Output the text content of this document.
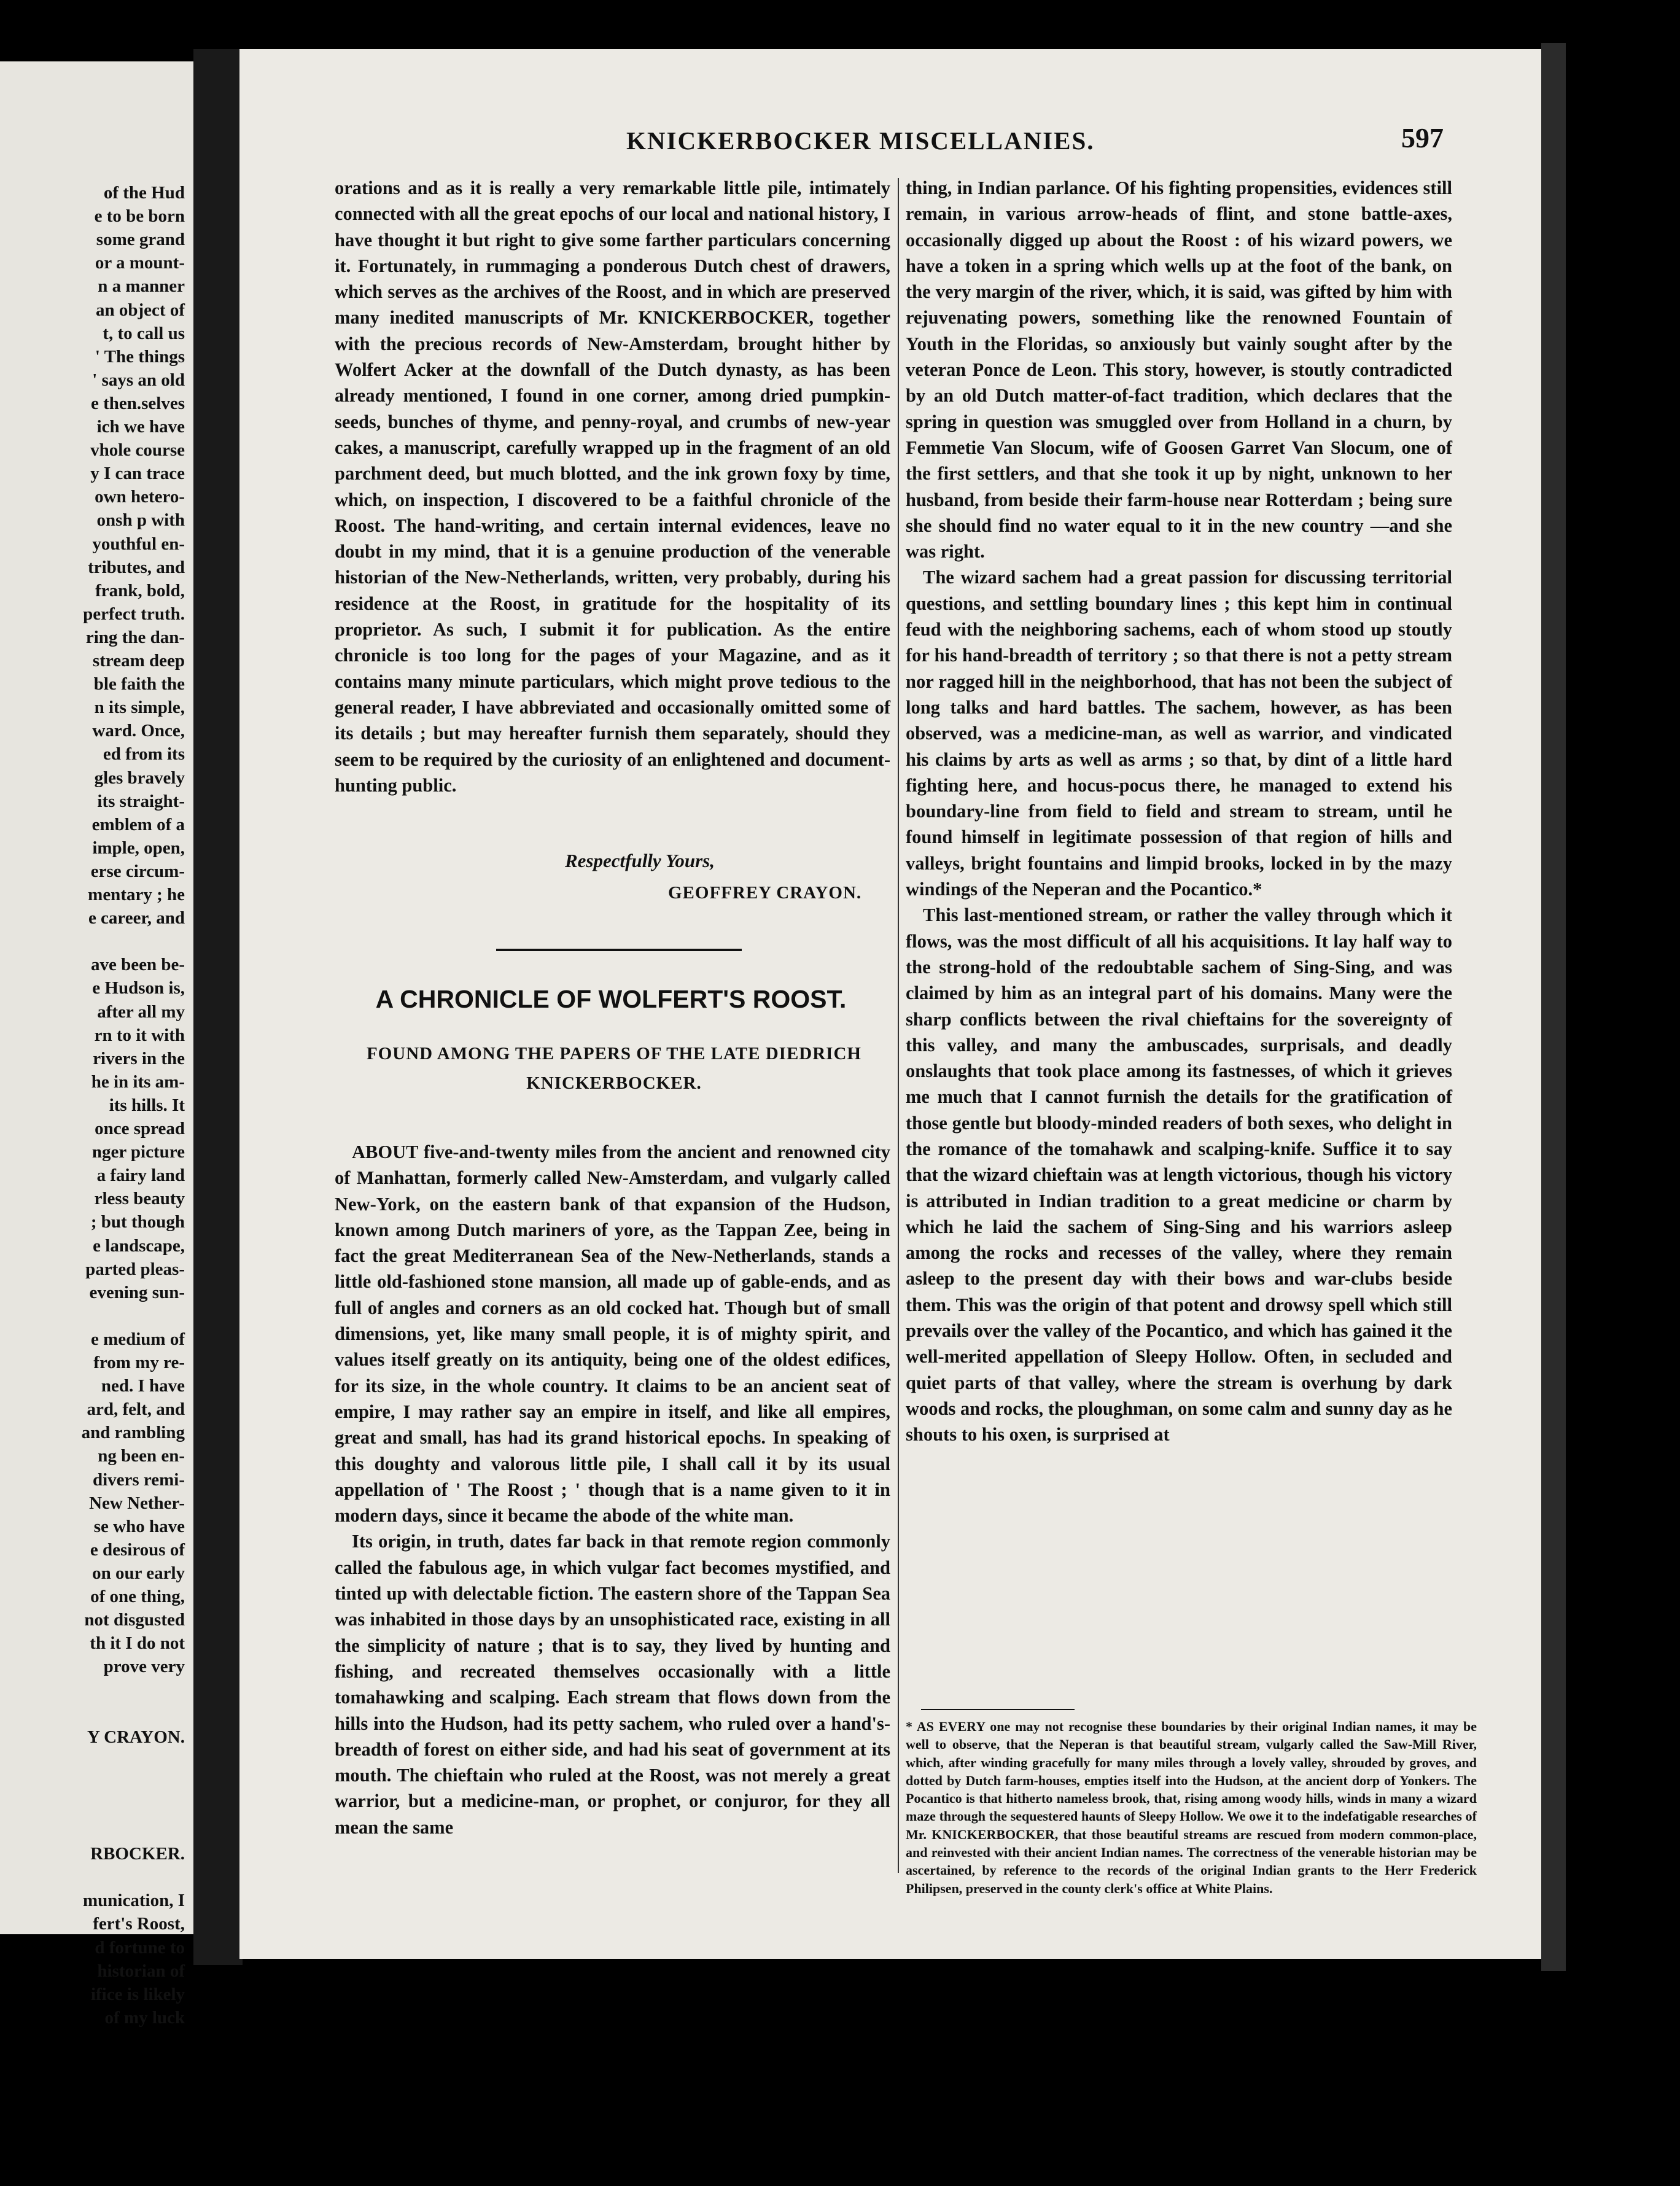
of the Hud
e to be born
some grand
or a mount-
n a manner
an object of
t, to call us
' The things
' says an old
e then.selves
ich we have
vhole course
y I can trace
own hetero-
onsh p with
youthful en-
tributes, and
frank, bold,
perfect truth.
ring the dan-
stream deep
ble faith the
n its simple,
ward. Once,
ed from its
gles bravely
its straight-
emblem of a
imple, open,
erse circum-
mentary ; he
e career, and
ave been be-
e Hudson is,
after all my
rn to it with
rivers in the
he in its am-
its hills. It
once spread
nger picture
a fairy land
rless beauty
; but though
e landscape,
parted pleas-
evening sun-
e medium of
from my re-
ned. I have
ard, felt, and
and rambling
ng been en-
divers remi-
New Nether-
se who have
e desirous of
on our early
of one thing,
not disgusted
th it I do not
prove very
Y CRAYON.
RBOCKER.
munication, I
fert's Roost,
d fortune to
historian of
ifice is likely
of my luck
KNICKERBOCKER MISCELLANIES.	597

orations and as it is really a very remarkable little pile, intimately connected with all the great epochs of our local and national history, I have thought it but right to give some farther particulars concerning it. Fortunately, in rummaging a ponderous Dutch chest of drawers, which serves as the archives of the Roost, and in which are preserved many inedited manuscripts of Mr. KNICKERBOCKER, together with the precious records of New-Amsterdam, brought hither by Wolfert Acker at the downfall of the Dutch dynasty, as has been already mentioned, I found in one corner, among dried pumpkin-seeds, bunches of thyme, and penny-royal, and crumbs of new-year cakes, a manuscript, carefully wrapped up in the fragment of an old parchment deed, but much blotted, and the ink grown foxy by time, which, on inspection, I discovered to be a faithful chronicle of the Roost. The hand-writing, and certain internal evidences, leave no doubt in my mind, that it is a genuine production of the venerable historian of the New-Netherlands, written, very probably, during his residence at the Roost, in gratitude for the hospitality of its proprietor. As such, I submit it for publication. As the entire chronicle is too long for the pages of your Magazine, and as it contains many minute particulars, which might prove tedious to the general reader, I have abbreviated and occasionally omitted some of its details ; but may hereafter furnish them separately, should they seem to be required by the curiosity of an enlightened and document-hunting public.

Respectfully Yours,
GEOFFREY CRAYON.
A CHRONICLE OF WOLFERT'S ROOST.
FOUND AMONG THE PAPERS OF THE LATE DIEDRICH KNICKERBOCKER.

ABOUT five-and-twenty miles from the ancient and renowned city of Manhattan, formerly called New-Amsterdam, and vulgarly called New-York, on the eastern bank of that expansion of the Hudson, known among Dutch mariners of yore, as the Tappan Zee, being in fact the great Mediterranean Sea of the New-Netherlands, stands a little old-fashioned stone mansion, all made up of gable-ends, and as full of angles and corners as an old cocked hat. Though but of small dimensions, yet, like many small people, it is of mighty spirit, and values itself greatly on its antiquity, being one of the oldest edifices, for its size, in the whole country. It claims to be an ancient seat of empire, I may rather say an empire in itself, and like all empires, great and small, has had its grand historical epochs. In speaking of this doughty and valorous little pile, I shall call it by its usual appellation of ' The Roost ; ' though that is a name given to it in modern days, since it became the abode of the white man.

Its origin, in truth, dates far back in that remote region commonly called the fabulous age, in which vulgar fact becomes mystified, and tinted up with delectable fiction. The eastern shore of the Tappan Sea was inhabited in those days by an unsophisticated race, existing in all the simplicity of nature ; that is to say, they lived by hunting and fishing, and recreated themselves occasionally with a little tomahawking and scalping. Each stream that flows down from the hills into the Hudson, had its petty sachem, who ruled over a hand's-breadth of forest on either side, and had his seat of government at its mouth. The chieftain who ruled at the Roost, was not merely a great warrior, but a medicine-man, or prophet, or conjuror, for they all mean the same

thing, in Indian parlance. Of his fighting propensities, evidences still remain, in various arrow-heads of flint, and stone battle-axes, occasionally digged up about the Roost : of his wizard powers, we have a token in a spring which wells up at the foot of the bank, on the very margin of the river, which, it is said, was gifted by him with rejuvenating powers, something like the renowned Fountain of Youth in the Floridas, so anxiously but vainly sought after by the veteran Ponce de Leon. This story, however, is stoutly contradicted by an old Dutch matter-of-fact tradition, which declares that the spring in question was smuggled over from Holland in a churn, by Femmetie Van Slocum, wife of Goosen Garret Van Slocum, one of the first settlers, and that she took it up by night, unknown to her husband, from beside their farm-house near Rotterdam ; being sure she should find no water equal to it in the new country —and she was right.

The wizard sachem had a great passion for discussing territorial questions, and settling boundary lines ; this kept him in continual feud with the neighboring sachems, each of whom stood up stoutly for his hand-breadth of territory ; so that there is not a petty stream nor ragged hill in the neighborhood, that has not been the subject of long talks and hard battles. The sachem, however, as has been observed, was a medicine-man, as well as warrior, and vindicated his claims by arts as well as arms ; so that, by dint of a little hard fighting here, and hocus-pocus there, he managed to extend his boundary-line from field to field and stream to stream, until he found himself in legitimate possession of that region of hills and valleys, bright fountains and limpid brooks, locked in by the mazy windings of the Neperan and the Pocantico.*

This last-mentioned stream, or rather the valley through which it flows, was the most difficult of all his acquisitions. It lay half way to the strong-hold of the redoubtable sachem of Sing-Sing, and was claimed by him as an integral part of his domains. Many were the sharp conflicts between the rival chieftains for the sovereignty of this valley, and many the ambuscades, surprisals, and deadly onslaughts that took place among its fastnesses, of which it grieves me much that I cannot furnish the details for the gratification of those gentle but bloody-minded readers of both sexes, who delight in the romance of the tomahawk and scalping-knife. Suffice it to say that the wizard chieftain was at length victorious, though his victory is attributed in Indian tradition to a great medicine or charm by which he laid the sachem of Sing-Sing and his warriors asleep among the rocks and recesses of the valley, where they remain asleep to the present day with their bows and war-clubs beside them. This was the origin of that potent and drowsy spell which still prevails over the valley of the Pocantico, and which has gained it the well-merited appellation of Sleepy Hollow. Often, in secluded and quiet parts of that valley, where the stream is overhung by dark woods and rocks, the ploughman, on some calm and sunny day as he shouts to his oxen, is surprised at

* AS EVERY one may not recognise these boundaries by their original Indian names, it may be well to observe, that the Neperan is that beautiful stream, vulgarly called the Saw-Mill River, which, after winding gracefully for many miles through a lovely valley, shrouded by groves, and dotted by Dutch farm-houses, empties itself into the Hudson, at the ancient dorp of Yonkers. The Pocantico is that hitherto nameless brook, that, rising among woody hills, winds in many a wizard maze through the sequestered haunts of Sleepy Hollow. We owe it to the indefatigable researches of Mr. KNICKERBOCKER, that those beautiful streams are rescued from modern common-place, and reinvested with their ancient Indian names. The correctness of the venerable historian may be ascertained, by reference to the records of the original Indian grants to the Herr Frederick Philipsen, preserved in the county clerk's office at White Plains.
